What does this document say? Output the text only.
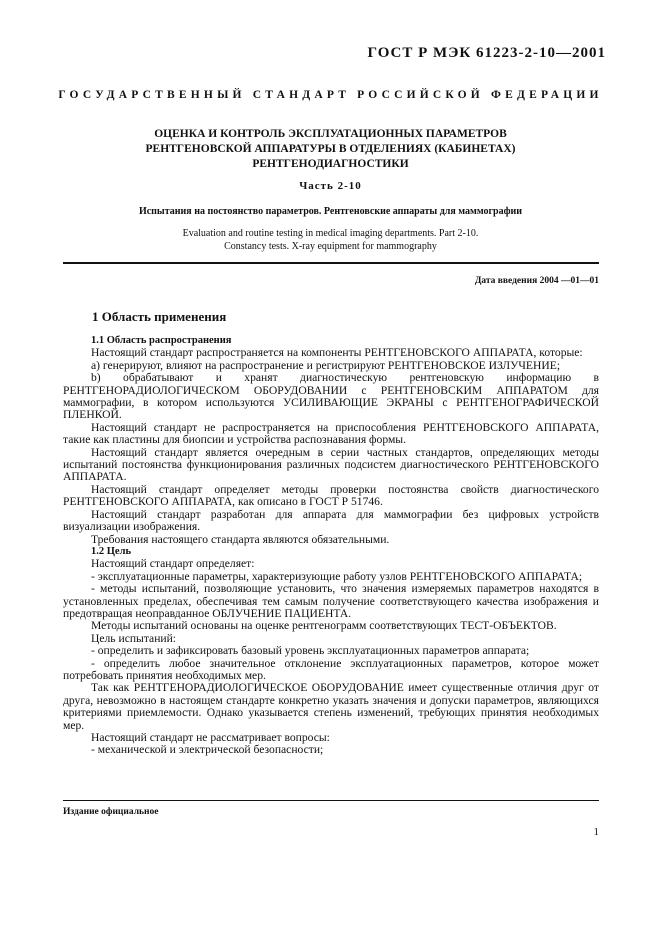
ГОСТ Р МЭК 61223-2-10—2001
ГОСУДАРСТВЕННЫЙ СТАНДАРТ РОССИЙСКОЙ ФЕДЕРАЦИИ
ОЦЕНКА И КОНТРОЛЬ ЭКСПЛУАТАЦИОННЫХ ПАРАМЕТРОВ
РЕНТГЕНОВСКОЙ АППАРАТУРЫ В ОТДЕЛЕНИЯХ (КАБИНЕТАХ)
РЕНТГЕНОДИАГНОСТИКИ
Часть 2-10
Испытания на постоянство параметров. Рентгеновские аппараты для маммографии
Evaluation and routine testing in medical imaging departments. Part 2-10.
Constancy tests. X-ray equipment for mammography
Дата введения 2004 —01—01
1 Область применения

1.1 Область распространения

Настоящий стандарт распространяется на компоненты РЕНТГЕНОВСКОГО АППАРАТА, которые:

а) генерируют, влияют на распространение и регистрируют РЕНТГЕНОВСКОЕ ИЗЛУЧЕНИЕ;

b) обрабатывают и хранят диагностическую рентгеновскую информацию в РЕНТГЕНОРАДИОЛОГИЧЕСКОМ ОБОРУДОВАНИИ с РЕНТГЕНОВСКИМ АППАРАТОМ для маммографии, в котором используются УСИЛИВАЮЩИЕ ЭКРАНЫ с РЕНТГЕНОГРАФИЧЕСКОЙ ПЛЕНКОЙ.

Настоящий стандарт не распространяется на приспособления РЕНТГЕНОВСКОГО АППАРАТА, такие как пластины для биопсии и устройства распознавания формы.

Настоящий стандарт является очередным в серии частных стандартов, определяющих методы испытаний постоянства функционирования различных подсистем диагностического РЕНТГЕНОВСКОГО АППАРАТА.

Настоящий стандарт определяет методы проверки постоянства свойств диагностического РЕНТГЕНОВСКОГО АППАРАТА, как описано в ГОСТ Р 51746.

Настоящий стандарт разработан для аппарата для маммографии без цифровых устройств визуализации изображения.

Требования настоящего стандарта являются обязательными.

1.2 Цель

Настоящий стандарт определяет:

- эксплуатационные параметры, характеризующие работу узлов РЕНТГЕНОВСКОГО АППАРАТА;

- методы испытаний, позволяющие установить, что значения измеряемых параметров находятся в установленных пределах, обеспечивая тем самым получение соответствующего качества изображения и предотвращая неоправданное ОБЛУЧЕНИЕ ПАЦИЕНТА.

Методы испытаний основаны на оценке рентгенограмм соответствующих ТЕСТ-ОБЪЕКТОВ.

Цель испытаний:

- определить и зафиксировать базовый уровень эксплуатационных параметров аппарата;

- определить любое значительное отклонение эксплуатационных параметров, которое может потребовать принятия необходимых мер.

Так как РЕНТГЕНОРАДИОЛОГИЧЕСКОЕ ОБОРУДОВАНИЕ имеет существенные отличия друг от друга, невозможно в настоящем стандарте конкретно указать значения и допуски параметров, являющихся критериями приемлемости. Однако указывается степень изменений, требующих принятия необходимых мер.

Настоящий стандарт не рассматривает вопросы:

- механической и электрической безопасности;

Издание официальное
1
